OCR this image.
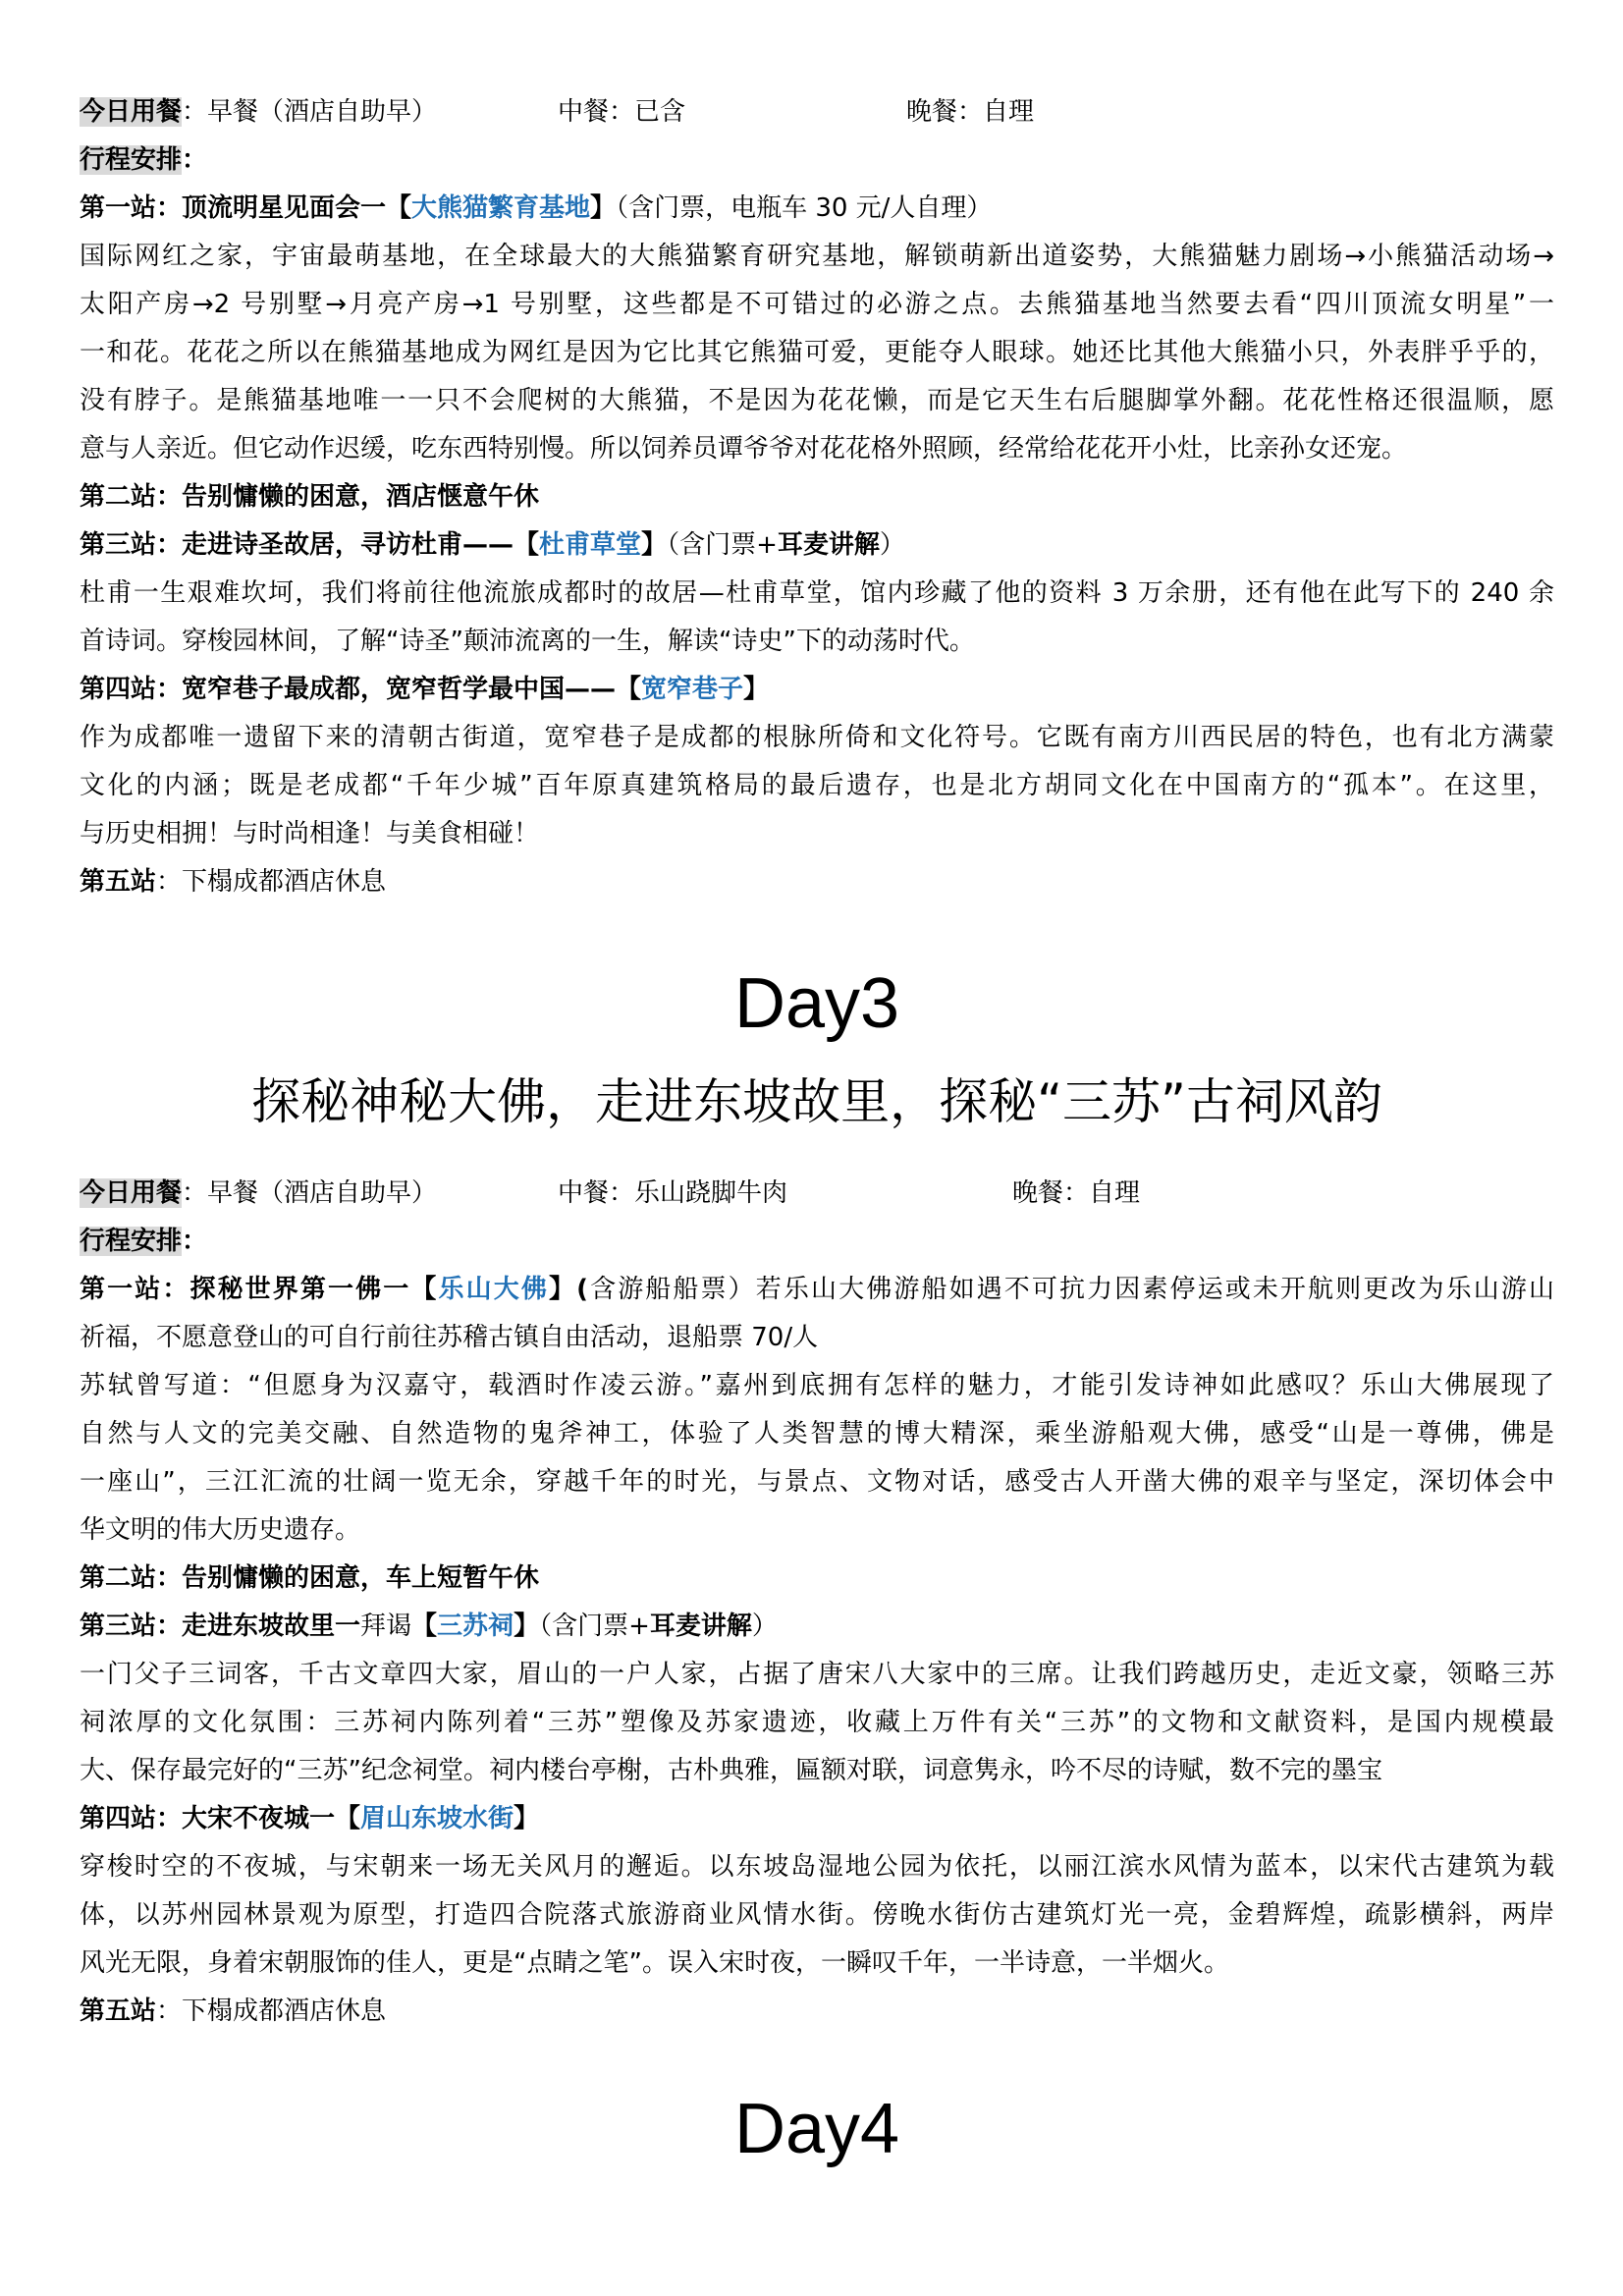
今日用餐：早餐（酒店自助早）	中餐：已含	晚餐：自理
行程安排：
第一站：顶流明星见面会一【大熊猫繁育基地】（含门票，电瓶车 30 元/人自理）
国际网红之家，宇宙最萌基地，在全球最大的大熊猫繁育研究基地，解锁萌新出道姿势，大熊猫魅力剧场→小熊猫活动场→
太阳产房→2 号别墅→月亮产房→1 号别墅，这些都是不可错过的必游之点。去熊猫基地当然要去看“四川顶流女明星”一
一和花。花花之所以在熊猫基地成为网红是因为它比其它熊猫可爱，更能夺人眼球。她还比其他大熊猫小只，外表胖乎乎的，
没有脖子。是熊猫基地唯一一只不会爬树的大熊猫，不是因为花花懒，而是它天生右后腿脚掌外翻。花花性格还很温顺，愿
意与人亲近。但它动作迟缓，吃东西特别慢。所以饲养员谭爷爷对花花格外照顾，经常给花花开小灶，比亲孙女还宠。
第二站：告别慵懒的困意，酒店惬意午休
第三站：走进诗圣故居，寻访杜甫——【杜甫草堂】（含门票+耳麦讲解）
杜甫一生艰难坎坷，我们将前往他流旅成都时的故居—杜甫草堂，馆内珍藏了他的资料 3 万余册，还有他在此写下的 240 余
首诗词。穿梭园林间，了解“诗圣”颠沛流离的一生，解读“诗史”下的动荡时代。
第四站：宽窄巷子最成都，宽窄哲学最中国——【宽窄巷子】
作为成都唯一遗留下来的清朝古街道，宽窄巷子是成都的根脉所倚和文化符号。它既有南方川西民居的特色，也有北方满蒙
文化的内涵；既是老成都“千年少城”百年原真建筑格局的最后遗存，也是北方胡同文化在中国南方的“孤本”。在这里，
与历史相拥！与时尚相逢！与美食相碰！
第五站：下榻成都酒店休息
Day3
探秘神秘大佛，走进东坡故里，探秘“三苏”古祠风韵
今日用餐：早餐（酒店自助早）	中餐：乐山跷脚牛肉	晚餐：自理
行程安排：
第一站：探秘世界第一佛一【乐山大佛】(含游船船票）若乐山大佛游船如遇不可抗力因素停运或未开航则更改为乐山游山
祈福，不愿意登山的可自行前往苏稽古镇自由活动，退船票 70/人
苏轼曾写道：“但愿身为汉嘉守，载酒时作凌云游。”嘉州到底拥有怎样的魅力，才能引发诗神如此感叹？乐山大佛展现了
自然与人文的完美交融、自然造物的鬼斧神工，体验了人类智慧的博大精深，乘坐游船观大佛，感受“山是一尊佛，佛是
一座山”，三江汇流的壮阔一览无余，穿越千年的时光，与景点、文物对话，感受古人开凿大佛的艰辛与坚定，深切体会中
华文明的伟大历史遗存。
第二站：告别慵懒的困意，车上短暂午休
第三站：走进东坡故里一拜谒【三苏祠】（含门票+耳麦讲解）
一门父子三词客，千古文章四大家，眉山的一户人家，占据了唐宋八大家中的三席。让我们跨越历史，走近文豪，领略三苏
祠浓厚的文化氛围：三苏祠内陈列着“三苏”塑像及苏家遗迹，收藏上万件有关“三苏”的文物和文献资料，是国内规模最
大、保存最完好的“三苏”纪念祠堂。祠内楼台亭榭，古朴典雅，匾额对联，词意隽永，吟不尽的诗赋，数不完的墨宝
第四站：大宋不夜城一【眉山东坡水街】
穿梭时空的不夜城，与宋朝来一场无关风月的邂逅。以东坡岛湿地公园为依托，以丽江滨水风情为蓝本，以宋代古建筑为载
体，以苏州园林景观为原型，打造四合院落式旅游商业风情水街。傍晚水街仿古建筑灯光一亮，金碧辉煌，疏影横斜，两岸
风光无限，身着宋朝服饰的佳人，更是“点睛之笔”。误入宋时夜，一瞬叹千年，一半诗意，一半烟火。
第五站：下榻成都酒店休息
Day4
